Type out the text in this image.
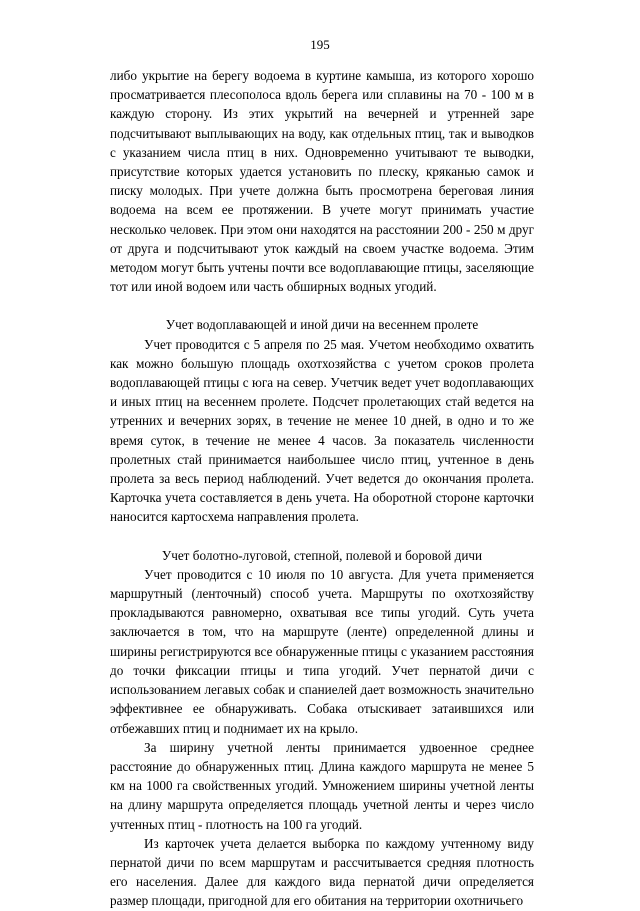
195

либо укрытие на берегу водоема в куртине камыша, из которого хорошо просматривается плесополоса вдоль берега или сплавины на 70 - 100 м в каждую сторону. Из этих укрытий на вечерней и утренней заре подсчитывают выплывающих на воду, как отдельных птиц, так и выводков с указанием числа птиц в них. Одновременно учитывают те выводки, присутствие которых удается установить по плеску, кряканью самок и писку молодых. При учете должна быть просмотрена береговая линия водоема на всем ее протяжении. В учете могут принимать участие несколько человек. При этом они находятся на расстоянии 200 - 250 м друг от друга и подсчитывают уток каждый на своем участке водоема. Этим методом могут быть учтены почти все водоплавающие птицы, заселяющие тот или иной водоем или часть обширных водных угодий.

Учет водоплавающей и иной дичи на весеннем пролете

Учет проводится с 5 апреля по 25 мая. Учетом необходимо охватить как можно большую площадь охотхозяйства с учетом сроков пролета водоплавающей птицы с юга на север. Учетчик ведет учет водоплавающих и иных птиц на весеннем пролете. Подсчет пролетающих стай ведется на утренних и вечерних зорях, в течение не менее 10 дней, в одно и то же время суток, в течение не менее 4 часов. За показатель численности пролетных стай принимается наибольшее число птиц, учтенное в день пролета за весь период наблюдений. Учет ведется до окончания пролета. Карточка учета составляется в день учета. На оборотной стороне карточки наносится картосхема направления пролета.

Учет болотно-луговой, степной, полевой и боровой дичи

Учет проводится с 10 июля по 10 августа. Для учета применяется маршрутный (ленточный) способ учета. Маршруты по охотхозяйству прокладываются равномерно, охватывая все типы угодий. Суть учета заключается в том, что на маршруте (ленте) определенной длины и ширины регистрируются все обнаруженные птицы с указанием расстояния до точки фиксации птицы и типа угодий. Учет пернатой дичи с использованием легавых собак и спаниелей дает возможность значительно эффективнее ее обнаруживать. Собака отыскивает затаившихся или отбежавших птиц и поднимает их на крыло.

За ширину учетной ленты принимается удвоенное среднее расстояние до обнаруженных птиц. Длина каждого маршрута не менее 5 км на 1000 га свойственных угодий. Умножением ширины учетной ленты на длину маршрута определяется площадь учетной ленты и через число учтенных птиц - плотность на 100 га угодий.

Из карточек учета делается выборка по каждому учтенному виду пернатой дичи по всем маршрутам и рассчитывается средняя плотность его населения. Далее для каждого вида пернатой дичи определяется размер площади, пригодной для его обитания на территории охотничьего
